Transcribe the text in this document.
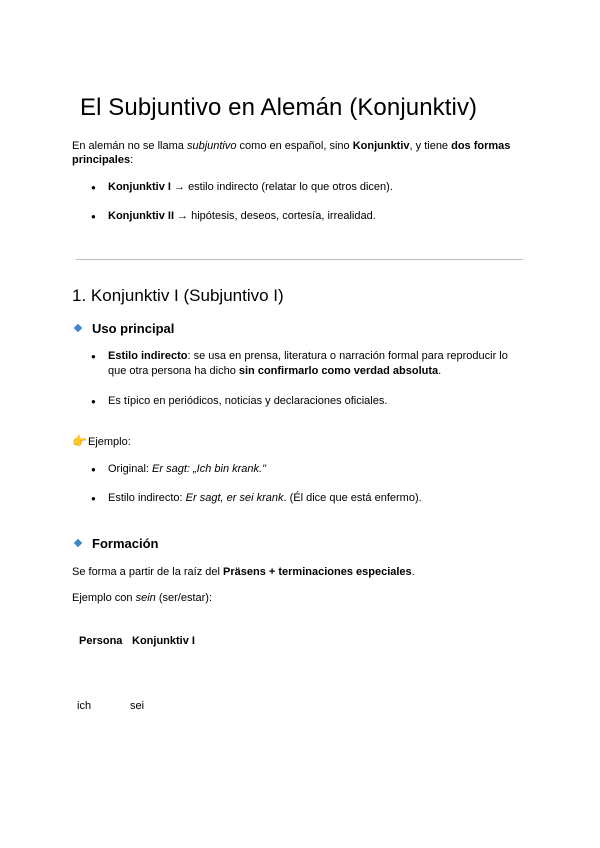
El Subjuntivo en Alemán (Konjunktiv)

En alemán no se llama subjuntivo como en español, sino Konjunktiv, y tiene dos formas principales:

● Konjunktiv I → estilo indirecto (relatar lo que otros dicen).

● Konjunktiv II → hipótesis, deseos, cortesía, irrealidad.

1. Konjunktiv I (Subjuntivo I)
Uso principal
● Estilo indirecto: se usa en prensa, literatura o narración formal para reproducir lo que otra persona ha dicho sin confirmarlo como verdad absoluta.

● Es típico en periódicos, noticias y declaraciones oficiales.

👉 Ejemplo:

● Original: Er sagt: „Ich bin krank."

● Estilo indirecto: Er sagt, er sei krank. (Él dice que está enfermo).

Formación

Se forma a partir de la raíz del Präsens + terminaciones especiales.

Ejemplo con sein (ser/estar):

Persona Konjunktiv I
ich	sei
